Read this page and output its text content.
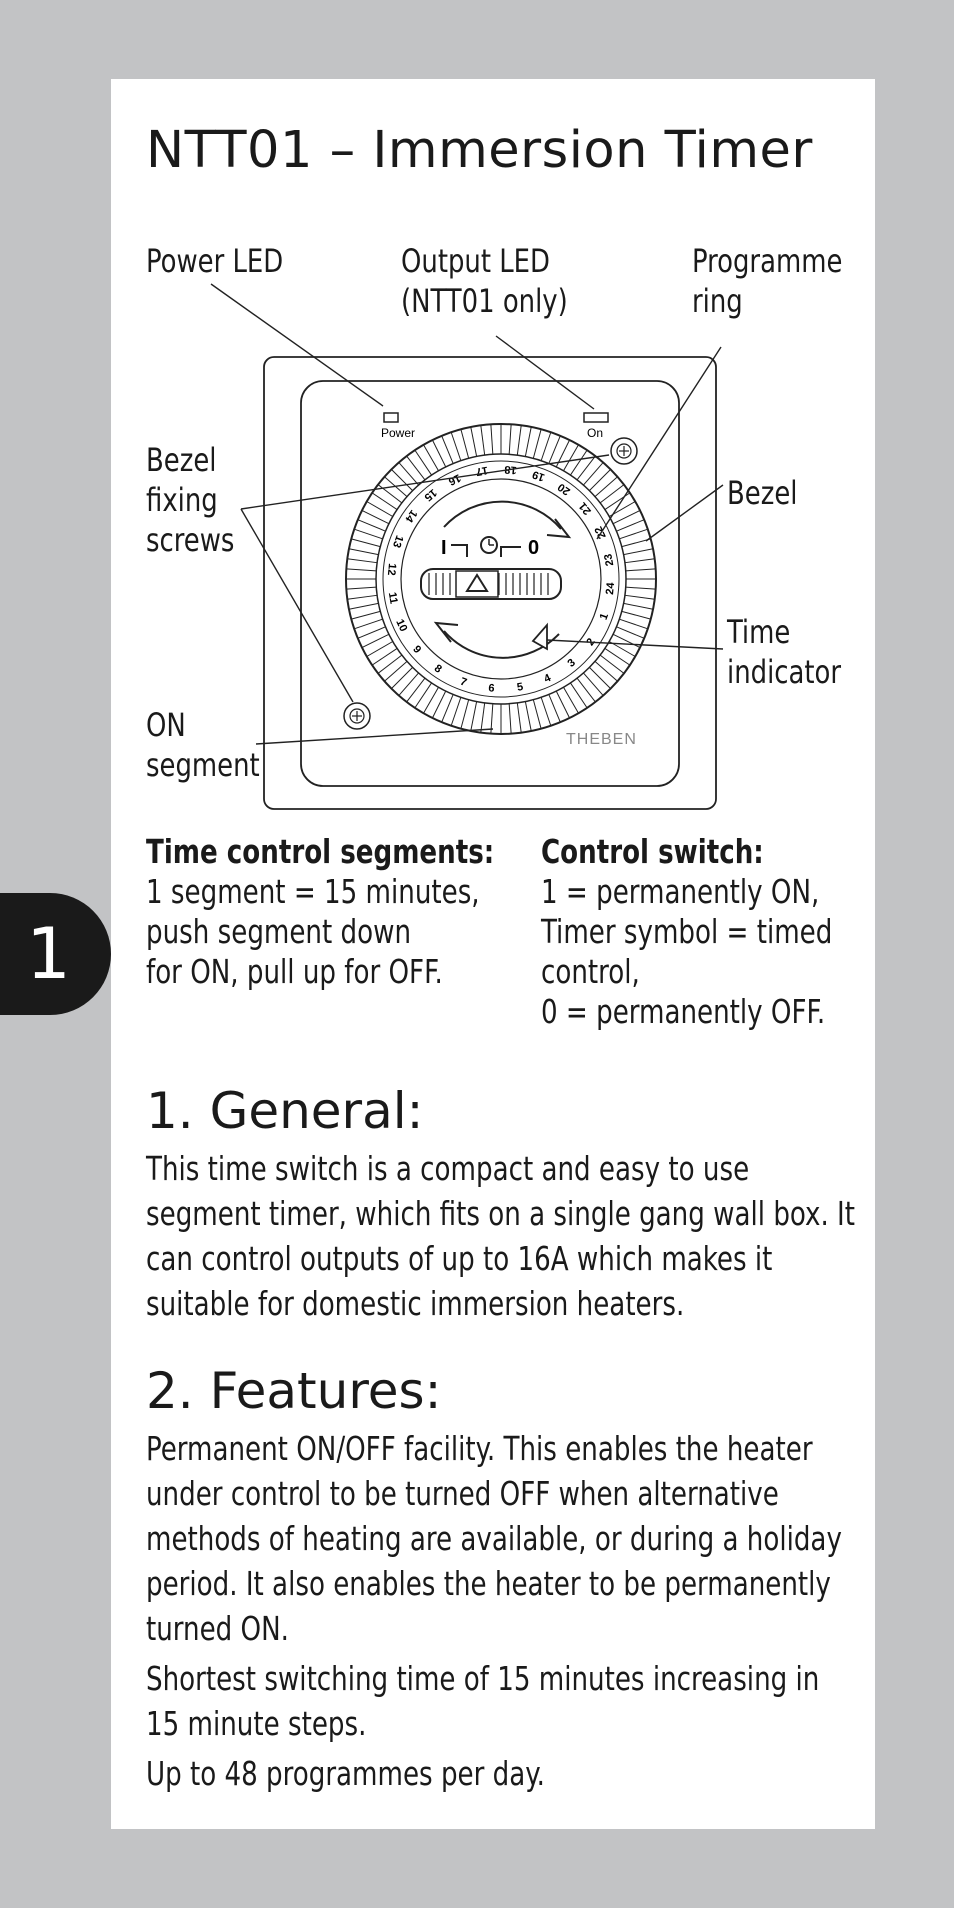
1
NTT01 – Immersion Timer
Power	On
1
2
3
4
5
6
7
8
9
10
11
12
13
14
15
16
17 18 19
20
21
22
23
24
I	0
THEBEN
Power LED	Output LED
(NTT01 only)
Programme
ring
Bezel
fixing
screws
Bezel
Time
indicator
ON
segment
Time control segments:
1 segment = 15 minutes,
push segment down
for ON, pull up for OFF.
Control switch:
1 = permanently ON,
Timer symbol = timed
control,
0 = permanently OFF.
1. General:

This time switch is a compact and easy to use segment timer, which fits on a single gang wall box. It can control outputs of up to 16A which makes it suitable for domestic immersion heaters.

2. Features:

Permanent ON/OFF facility. This enables the heater under control to be turned OFF when alternative methods of heating are available, or during a holiday period. It also enables the heater to be permanently turned ON.

Shortest switching time of 15 minutes increasing in 15 minute steps.

Up to 48 programmes per day.
